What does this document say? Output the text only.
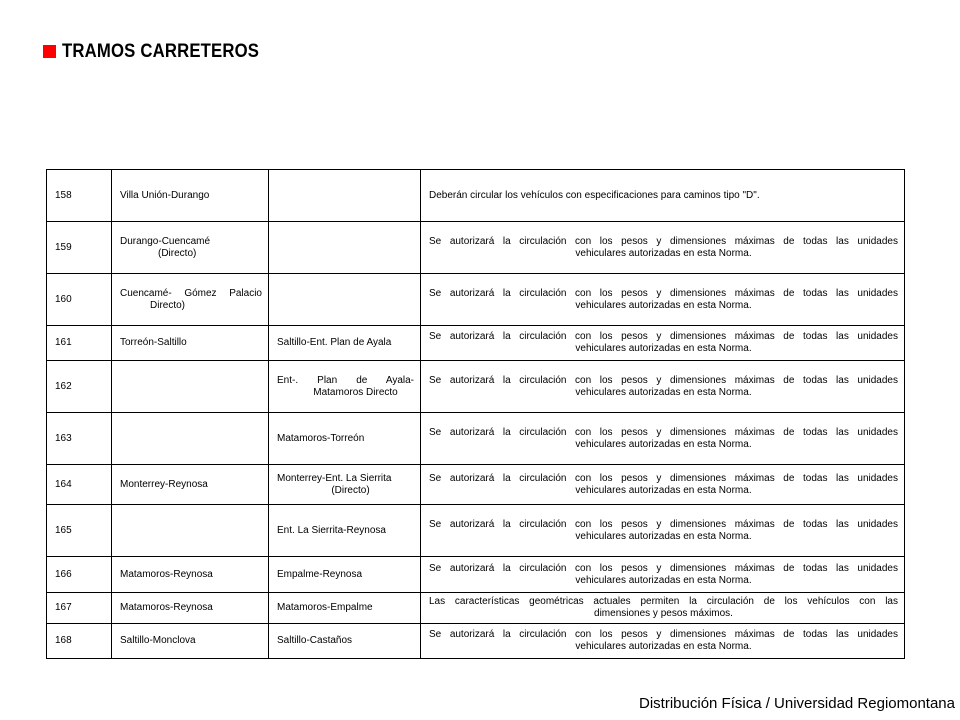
TRAMOS CARRETEROS
158	Villa Unión-Durango		Deberán circular los vehículos con especificaciones para caminos tipo "D".

159	Durango-Cuencamé
(Directo)		Se autorizará la circulación con los pesos y dimensiones máximas de todas las unidades
vehiculares autorizadas en esta Norma.

160	Cuencamé- Gómez Palacio
Directo)		Se autorizará la circulación con los pesos y dimensiones máximas de todas las unidades
vehiculares autorizadas en esta Norma.

161	Torreón-Saltillo	Saltillo-Ent. Plan de Ayala	Se autorizará la circulación con los pesos y dimensiones máximas de todas las unidades
vehiculares autorizadas en esta Norma.

162		Ent-. Plan de Ayala-
Matamoros Directo	Se autorizará la circulación con los pesos y dimensiones máximas de todas las unidades
vehiculares autorizadas en esta Norma.

163		Matamoros-Torreón	Se autorizará la circulación con los pesos y dimensiones máximas de todas las unidades
vehiculares autorizadas en esta Norma.

164	Monterrey-Reynosa	Monterrey-Ent. La Sierrita
(Directo)	Se autorizará la circulación con los pesos y dimensiones máximas de todas las unidades
vehiculares autorizadas en esta Norma.

165		Ent. La Sierrita-Reynosa	Se autorizará la circulación con los pesos y dimensiones máximas de todas las unidades
vehiculares autorizadas en esta Norma.

166	Matamoros-Reynosa	Empalme-Reynosa	Se autorizará la circulación con los pesos y dimensiones máximas de todas las unidades
vehiculares autorizadas en esta Norma.

167	Matamoros-Reynosa	Matamoros-Empalme	Las características geométricas actuales permiten la circulación de los vehículos con las
dimensiones y pesos máximos.

168	Saltillo-Monclova	Saltillo-Castaños	Se autorizará la circulación con los pesos y dimensiones máximas de todas las unidades
vehiculares autorizadas en esta Norma.
Distribución Física / Universidad Regiomontana
